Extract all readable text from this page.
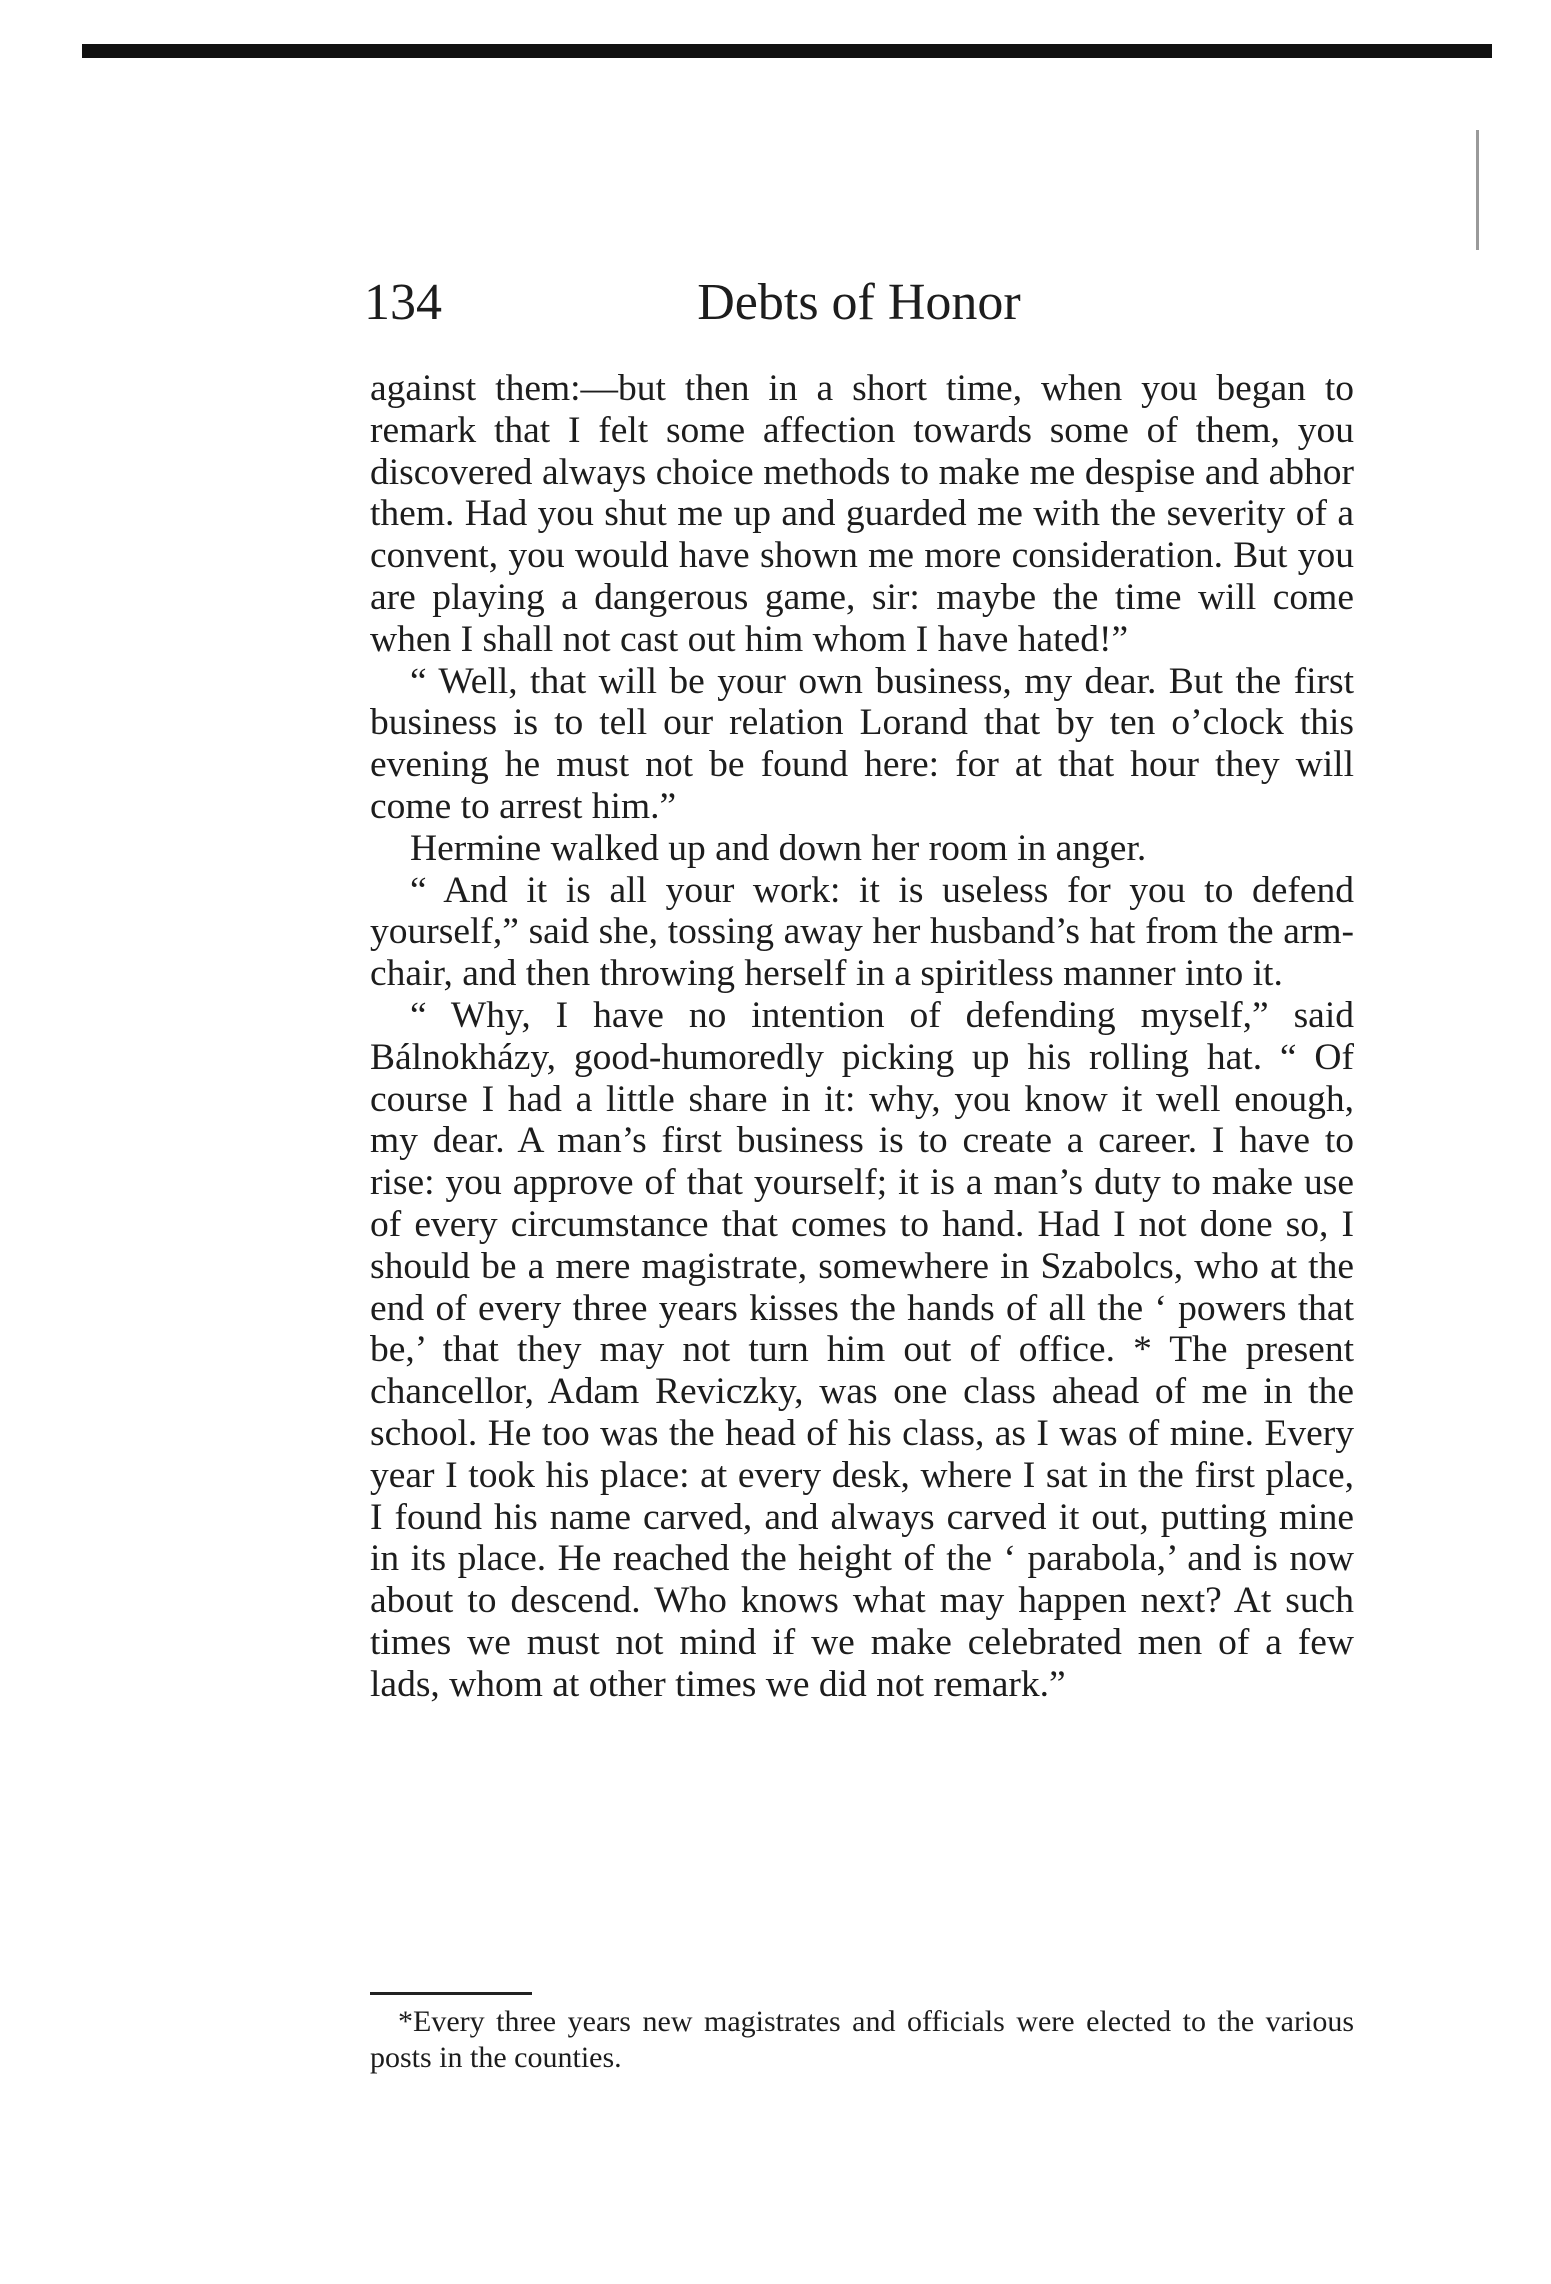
134	Debts of Honor

against them:—but then in a short time, when you began to remark that I felt some affection towards some of them, you discovered always choice methods to make me despise and abhor them. Had you shut me up and guarded me with the severity of a convent, you would have shown me more consideration. But you are playing a dangerous game, sir: maybe the time will come when I shall not cast out him whom I have hated!”

“ Well, that will be your own business, my dear. But the first business is to tell our relation Lorand that by ten o’clock this evening he must not be found here: for at that hour they will come to arrest him.”

Hermine walked up and down her room in anger.

“ And it is all your work: it is useless for you to defend yourself,” said she, tossing away her husband’s hat from the arm-chair, and then throwing herself in a spiritless manner into it.

“ Why, I have no intention of defending myself,” said Bálnokházy, good-humoredly picking up his rolling hat. “ Of course I had a little share in it: why, you know it well enough, my dear. A man’s first business is to create a career. I have to rise: you approve of that yourself; it is a man’s duty to make use of every circumstance that comes to hand. Had I not done so, I should be a mere magistrate, somewhere in Szabolcs, who at the end of every three years kisses the hands of all the ‘ powers that be,’ that they may not turn him out of office. * The present chancellor, Adam Reviczky, was one class ahead of me in the school. He too was the head of his class, as I was of mine. Every year I took his place: at every desk, where I sat in the first place, I found his name carved, and always carved it out, putting mine in its place. He reached the height of the ‘ parabola,’ and is now about to descend. Who knows what may happen next? At such times we must not mind if we make celebrated men of a few lads, whom at other times we did not remark.”

*Every three years new magistrates and officials were elected to the various posts in the counties.
